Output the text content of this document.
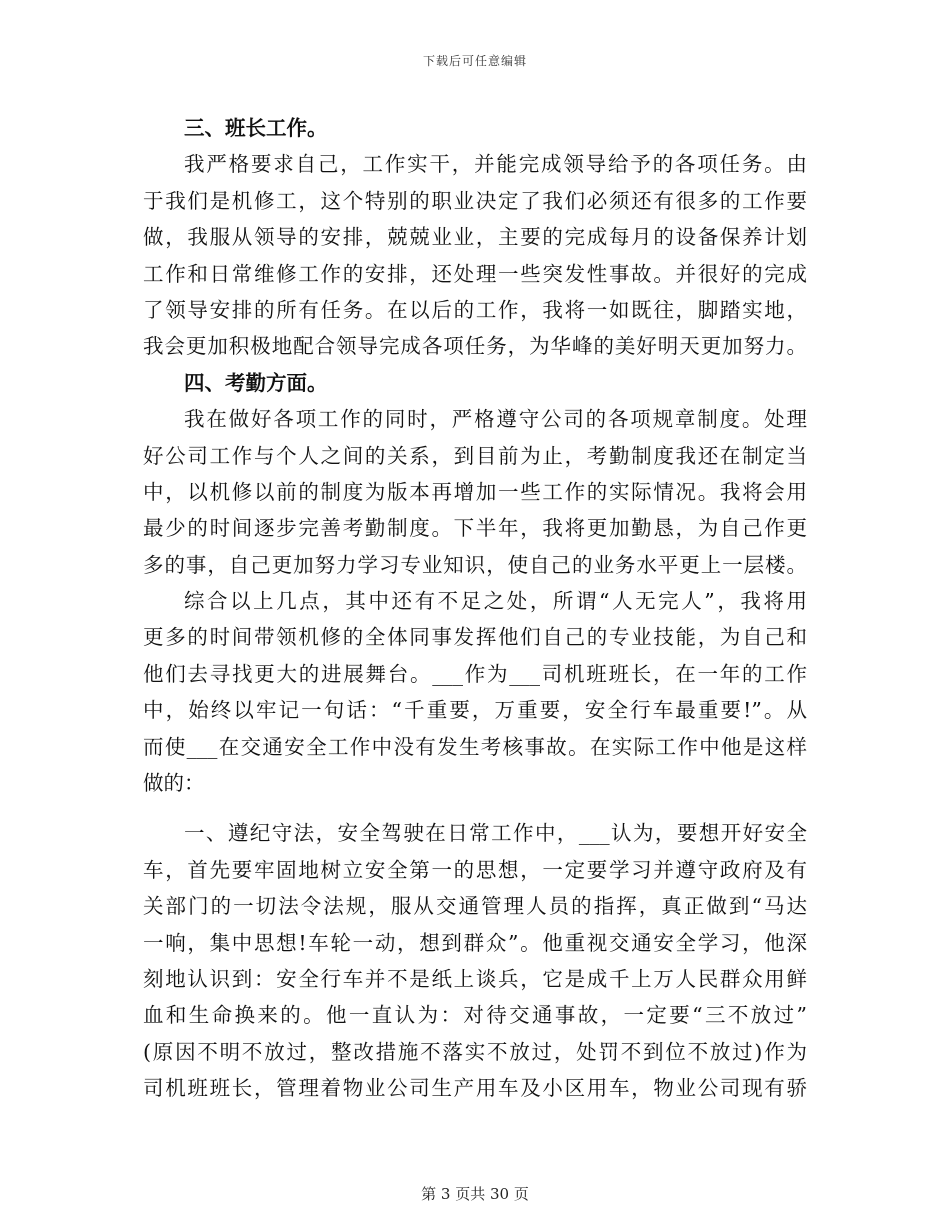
下载后可任意编辑
三、班长工作。
我严格要求自己，工作实干，并能完成领导给予的各项任务。由
于我们是机修工，这个特别的职业决定了我们必须还有很多的工作要
做，我服从领导的安排，兢兢业业，主要的完成每月的设备保养计划
工作和日常维修工作的安排，还处理一些突发性事故。并很好的完成
了领导安排的所有任务。在以后的工作，我将一如既往，脚踏实地，
我会更加积极地配合领导完成各项任务，为华峰的美好明天更加努力。
四、考勤方面。
我在做好各项工作的同时，严格遵守公司的各项规章制度。处理
好公司工作与个人之间的关系，到目前为止，考勤制度我还在制定当
中，以机修以前的制度为版本再增加一些工作的实际情况。我将会用
最少的时间逐步完善考勤制度。下半年，我将更加勤恳，为自己作更
多的事，自己更加努力学习专业知识，使自己的业务水平更上一层楼。
综合以上几点，其中还有不足之处，所谓“人无完人”，我将用
更多的时间带领机修的全体同事发挥他们自己的专业技能，为自己和
他们去寻找更大的进展舞台。___作为___司机班班长，在一年的工作
中，始终以牢记一句话：“千重要，万重要，安全行车最重要!”。从
而使___在交通安全工作中没有发生考核事故。在实际工作中他是这样
做的：
一、遵纪守法，安全驾驶在日常工作中，___认为，要想开好安全
车，首先要牢固地树立安全第一的思想，一定要学习并遵守政府及有
关部门的一切法令法规，服从交通管理人员的指挥，真正做到“马达
一响，集中思想!车轮一动，想到群众”。他重视交通安全学习，他深
刻地认识到：安全行车并不是纸上谈兵，它是成千上万人民群众用鲜
血和生命换来的。他一直认为：对待交通事故，一定要“三不放过”
(原因不明不放过，整改措施不落实不放过，处罚不到位不放过)作为
司机班班长，管理着物业公司生产用车及小区用车，物业公司现有骄
第 3 页共 30 页
